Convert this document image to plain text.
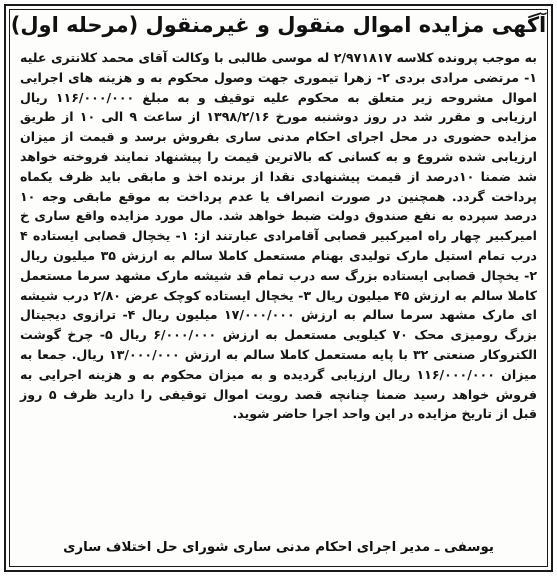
آگهی مزایده اموال منقول و غیرمنقول (مرحله اول)

به موجب پرونده کلاسه ۲/۹۷۱۸۱۷ له موسی طالبی با وکالت آقای محمد کلانتری علیه ۱- مرتضی مرادی بردی ۲- زهرا تیموری جهت وصول محکوم به و هزینه های اجرایی اموال مشروحه زیر متعلق به محکوم علیه توقیف و به مبلغ ۱۱۶/۰۰۰/۰۰۰ ریال ارزیابی و مقرر شد در روز دوشنبه مورخ ۱۳۹۸/۲/۱۶ از ساعت ۹ الی ۱۰ از طریق مزایده حضوری در محل اجرای احکام مدنی ساری بفروش برسد و قیمت از میزان ارزیابی شده شروع و به کسانی که بالاترین قیمت را پیشنهاد نمایند فروخته خواهد شد ضمنا ۱۰درصد از قیمت پیشنهادی نقدا از برنده اخذ و مابقی باید ظرف یکماه پرداخت گردد. همچنین در صورت انصراف یا عدم پرداخت به موقع مابقی وجه ۱۰ درصد سپرده به نفع صندوق دولت ضبط خواهد شد. مال مورد مزایده واقع ساری خ امیرکبیر چهار راه امیرکبیر قصابی آقامرادی عبارتند از: ۱- یخچال قصابی ایستاده ۴ درب تمام استیل مارک تولیدی بهنام مستعمل کاملا سالم به ارزش ۳۵ میلیون ریال ۲- یخچال قصابی ایستاده بزرگ سه درب تمام قد شیشه مارک مشهد سرما مستعمل کاملا سالم به ارزش ۴۵ میلیون ریال ۳- یخچال ایستاده کوچک عرض ۲/۸۰ درب شیشه ای مارک مشهد سرما سالم به ارزش ۱۷/۰۰۰/۰۰۰ میلیون ریال ۴- ترازوی دیجیتال بزرگ رومیزی محک ۷۰ کیلویی مستعمل به ارزش ۶/۰۰۰/۰۰۰ ریال ۵- چرخ گوشت الکتروکار صنعتی ۳۲ با پایه مستعمل کاملا سالم به ارزش ۱۳/۰۰۰/۰۰۰ ریال. جمعا به میزان ۱۱۶/۰۰۰/۰۰۰ ریال ارزیابی گردیده و به میزان محکوم به و هزینه اجرایی به فروش خواهد رسید ضمنا چنانچه قصد رویت اموال توقیفی را دارید ظرف ۵ روز قبل از تاریخ مزایده در این واحد اجرا حاضر شوید.

یوسفی ـ مدیر اجرای احکام مدنی ساری شورای حل اختلاف ساری
